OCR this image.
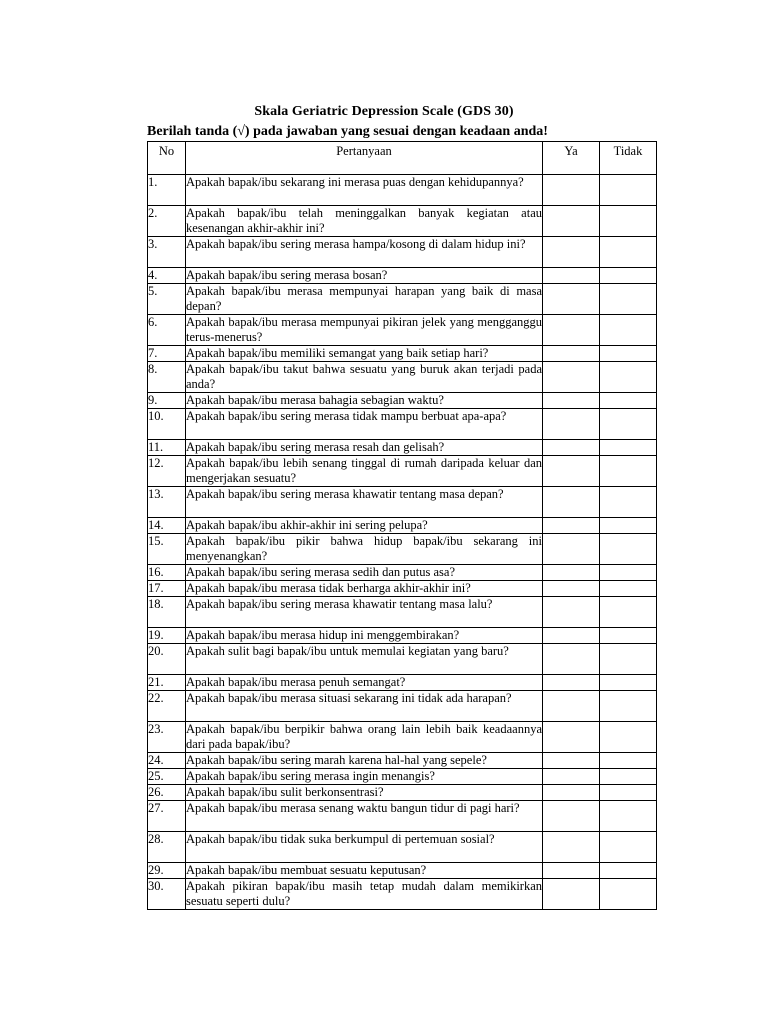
Skala Geriatric Depression Scale (GDS 30)
Berilah tanda (√) pada jawaban yang sesuai dengan keadaan anda!
No	Pertanyaan	Ya	Tidak
1.	Apakah bapak/ibu sekarang ini merasa puas dengan kehidupannya?		
2.	Apakah bapak/ibu telah meninggalkan banyak kegiatan atau kesenangan akhir-akhir ini?		
3.	Apakah bapak/ibu sering merasa hampa/kosong di dalam hidup ini?		
4.	Apakah bapak/ibu sering merasa bosan?		
5.	Apakah bapak/ibu merasa mempunyai harapan yang baik di masa depan?		
6.	Apakah bapak/ibu merasa mempunyai pikiran jelek yang mengganggu terus-menerus?		
7.	Apakah bapak/ibu memiliki semangat yang baik setiap hari?		
8.	Apakah bapak/ibu takut bahwa sesuatu yang buruk akan terjadi pada anda?		
9.	Apakah bapak/ibu merasa bahagia sebagian waktu?		
10.	Apakah bapak/ibu sering merasa tidak mampu berbuat apa-apa?		
11.	Apakah bapak/ibu sering merasa resah dan gelisah?		
12.	Apakah bapak/ibu lebih senang tinggal di rumah daripada keluar dan mengerjakan sesuatu?		
13.	Apakah bapak/ibu sering merasa khawatir tentang masa depan?		
14.	Apakah bapak/ibu akhir-akhir ini sering pelupa?		
15.	Apakah bapak/ibu pikir bahwa hidup bapak/ibu sekarang ini menyenangkan?		
16.	Apakah bapak/ibu sering merasa sedih dan putus asa?		
17.	Apakah bapak/ibu merasa tidak berharga akhir-akhir ini?		
18.	Apakah bapak/ibu sering merasa khawatir tentang masa lalu?		
19.	Apakah bapak/ibu merasa hidup ini menggembirakan?		
20.	Apakah sulit bagi bapak/ibu untuk memulai kegiatan yang baru?		
21.	Apakah bapak/ibu merasa penuh semangat?		
22.	Apakah bapak/ibu merasa situasi sekarang ini tidak ada harapan?		
23.	Apakah bapak/ibu berpikir bahwa orang lain lebih baik keadaannya dari pada bapak/ibu?		
24.	Apakah bapak/ibu sering marah karena hal-hal yang sepele?		
25.	Apakah bapak/ibu sering merasa ingin menangis?		
26.	Apakah bapak/ibu sulit berkonsentrasi?		
27.	Apakah bapak/ibu merasa senang waktu bangun tidur di pagi hari?		
28.	Apakah bapak/ibu tidak suka berkumpul di pertemuan sosial?		
29.	Apakah bapak/ibu membuat sesuatu keputusan?		
30.	Apakah pikiran bapak/ibu masih tetap mudah dalam memikirkan sesuatu seperti dulu?		
